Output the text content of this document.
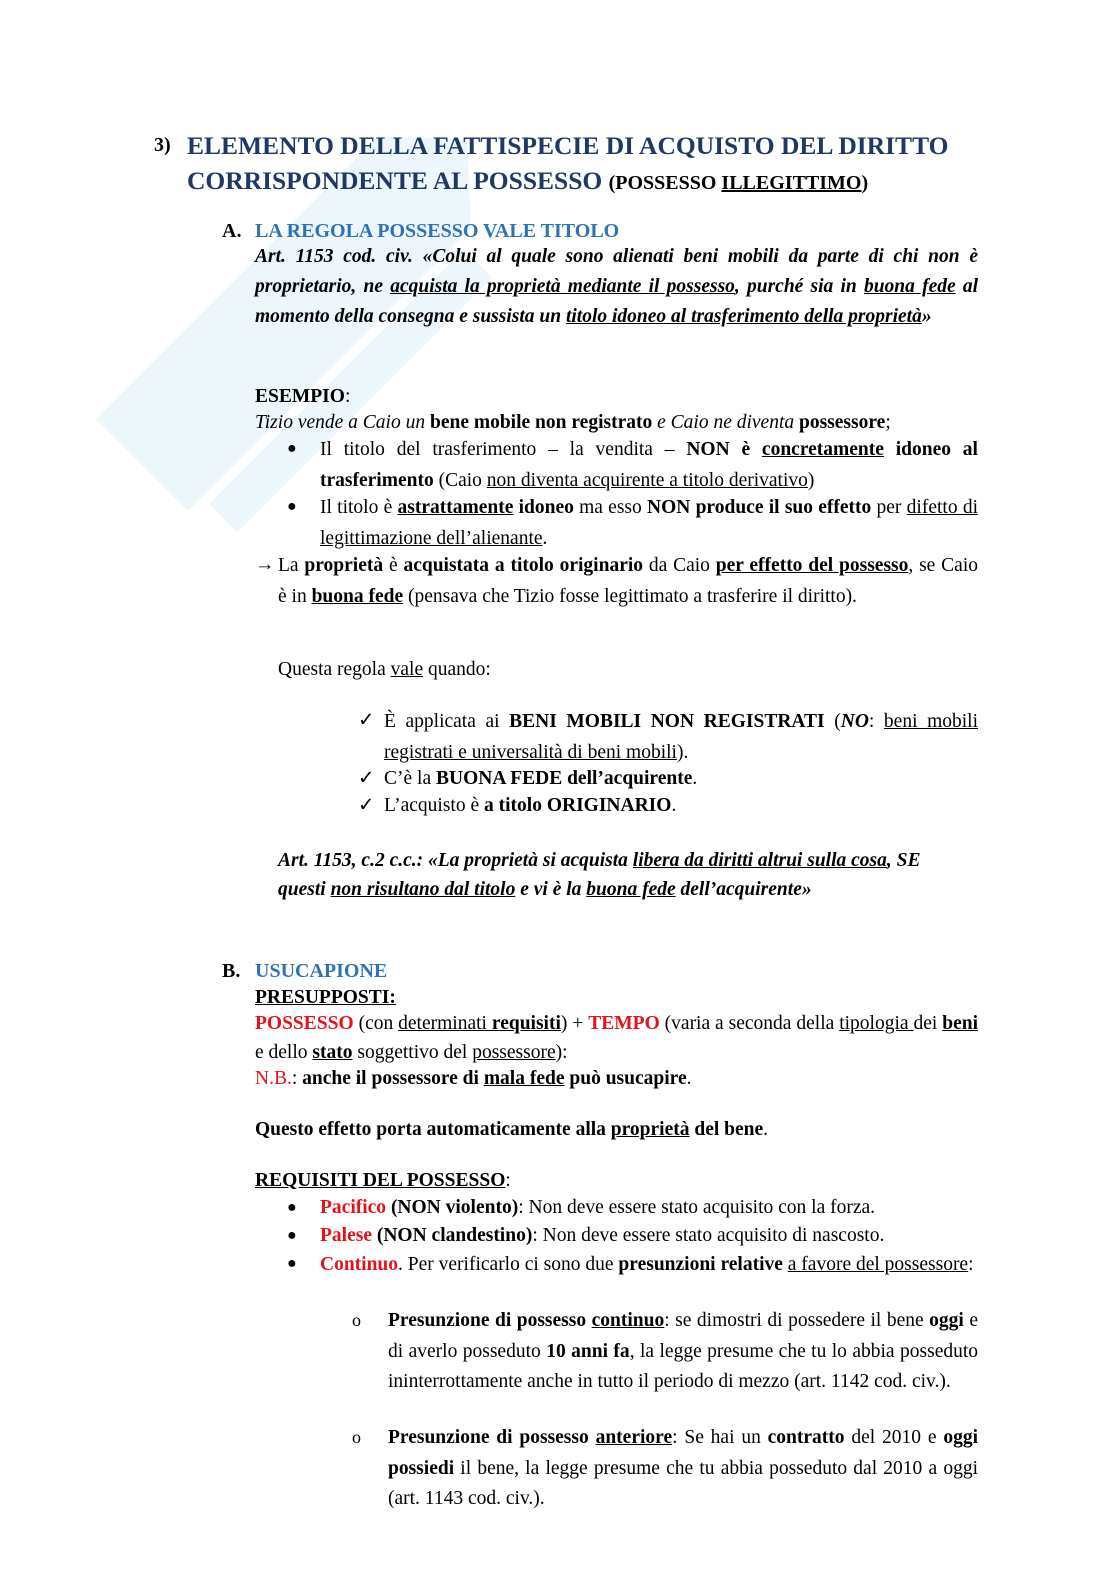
3) ELEMENTO DELLA FATTISPECIE DI ACQUISTO DEL DIRITTO
CORRISPONDENTE AL POSSESSO (POSSESSO ILLEGITTIMO)
A. LA REGOLA POSSESSO VALE TITOLO
Art. 1153 cod. civ. «Colui al quale sono alienati beni mobili da parte di chi non è proprietario, ne acquista la proprietà mediante il possesso, purché sia in buona fede al momento della consegna e sussista un titolo idoneo al trasferimento della proprietà»
ESEMPIO:
Tizio vende a Caio un bene mobile non registrato e Caio ne diventa possessore;
● Il titolo del trasferimento – la vendita – NON è concretamente idoneo al trasferimento (Caio non diventa acquirente a titolo derivativo)
● Il titolo è astrattamente idoneo ma esso NON produce il suo effetto per difetto di legittimazione dell’alienante.
→ La proprietà è acquistata a titolo originario da Caio per effetto del possesso, se Caio è in buona fede (pensava che Tizio fosse legittimato a trasferire il diritto).
Questa regola vale quando:
✓ È applicata ai BENI MOBILI NON REGISTRATI (NO: beni mobili registrati e universalità di beni mobili).
✓ C’è la BUONA FEDE dell’acquirente.
✓ L’acquisto è a titolo ORIGINARIO.
Art. 1153, c.2 c.c.: «La proprietà si acquista libera da diritti altrui sulla cosa, SE questi non risultano dal titolo e vi è la buona fede dell’acquirente»
B. USUCAPIONE
PRESUPPOSTI:
POSSESSO (con determinati requisiti) + TEMPO (varia a seconda della tipologia dei beni e dello stato soggettivo del possessore):
N.B.: anche il possessore di mala fede può usucapire.
Questo effetto porta automaticamente alla proprietà del bene.
REQUISITI DEL POSSESSO:
● Pacifico (NON violento): Non deve essere stato acquisito con la forza.
● Palese (NON clandestino): Non deve essere stato acquisito di nascosto.
● Continuo. Per verificarlo ci sono due presunzioni relative a favore del possessore:
o Presunzione di possesso continuo: se dimostri di possedere il bene oggi e di averlo posseduto 10 anni fa, la legge presume che tu lo abbia posseduto ininterrottamente anche in tutto il periodo di mezzo (art. 1142 cod. civ.).
o Presunzione di possesso anteriore: Se hai un contratto del 2010 e oggi possiedi il bene, la legge presume che tu abbia posseduto dal 2010 a oggi (art. 1143 cod. civ.).
